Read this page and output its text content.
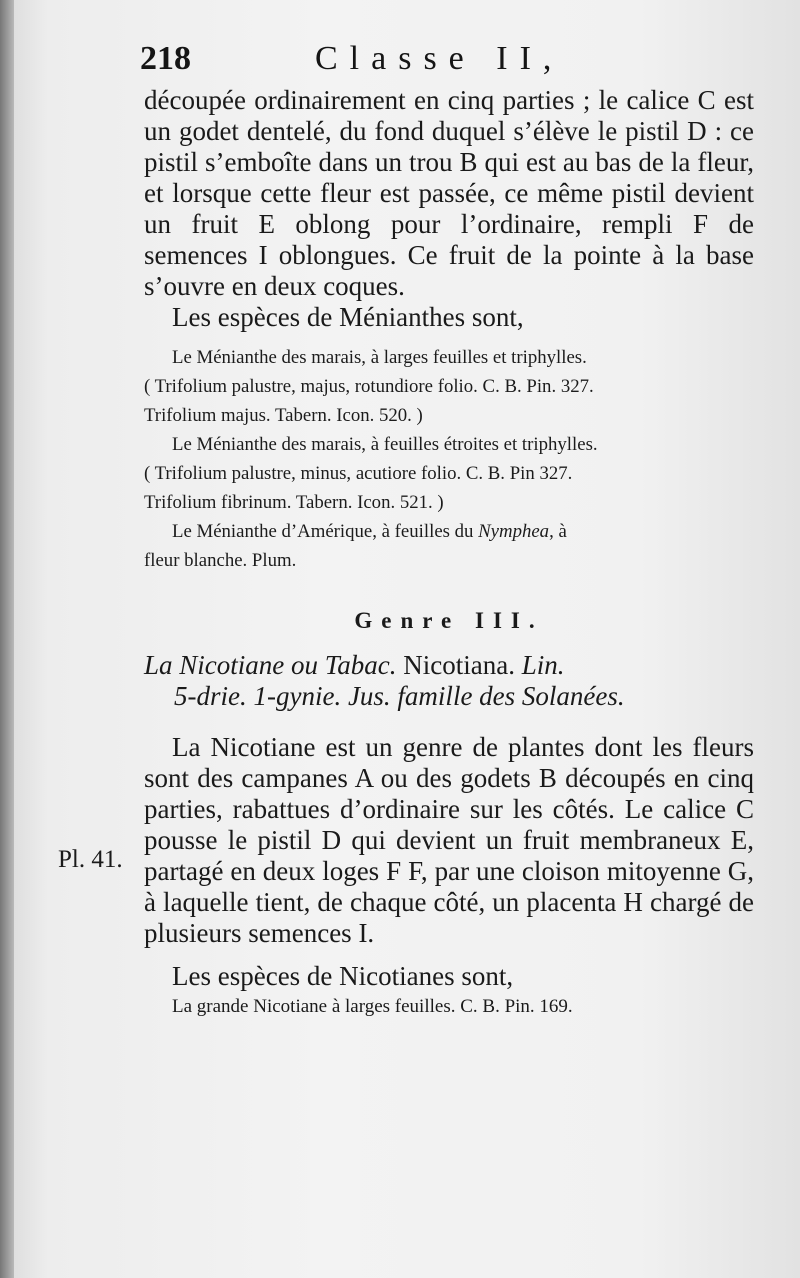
218	Classe II,
Pl. 41.

découpée ordinairement en cinq parties ; le calice C est un godet dentelé, du fond duquel s’élève le pistil D : ce pistil s’emboîte dans un trou B qui est au bas de la fleur, et lorsque cette fleur est passée, ce même pistil devient un fruit E oblong pour l’ordinaire, rempli F de semences I oblongues. Ce fruit de la pointe à la base s’ouvre en deux coques.

Les espèces de Ménianthes sont,

Le Ménianthe des marais, à larges feuilles et triphylles.

( Trifolium palustre, majus, rotundiore folio. C. B. Pin. 327.

Trifolium majus. Tabern. Icon. 520. )

Le Ménianthe des marais, à feuilles étroites et triphylles.

( Trifolium palustre, minus, acutiore folio. C. B. Pin 327.

Trifolium fibrinum. Tabern. Icon. 521. )

Le Ménianthe d’Amérique, à feuilles du Nymphea, à

fleur blanche. Plum.

Genre III.
La Nicotiane ou Tabac. Nicotiana. Lin.
5-drie. 1-gynie. Jus. famille des Solanées.

La Nicotiane est un genre de plantes dont les fleurs sont des campanes A ou des godets B découpés en cinq parties, rabattues d’ordinaire sur les côtés. Le calice C pousse le pistil D qui devient un fruit membraneux E, partagé en deux loges F F, par une cloison mitoyenne G, à laquelle tient, de chaque côté, un placenta H chargé de plusieurs semences I.

Les espèces de Nicotianes sont,

La grande Nicotiane à larges feuilles. C. B. Pin. 169.
